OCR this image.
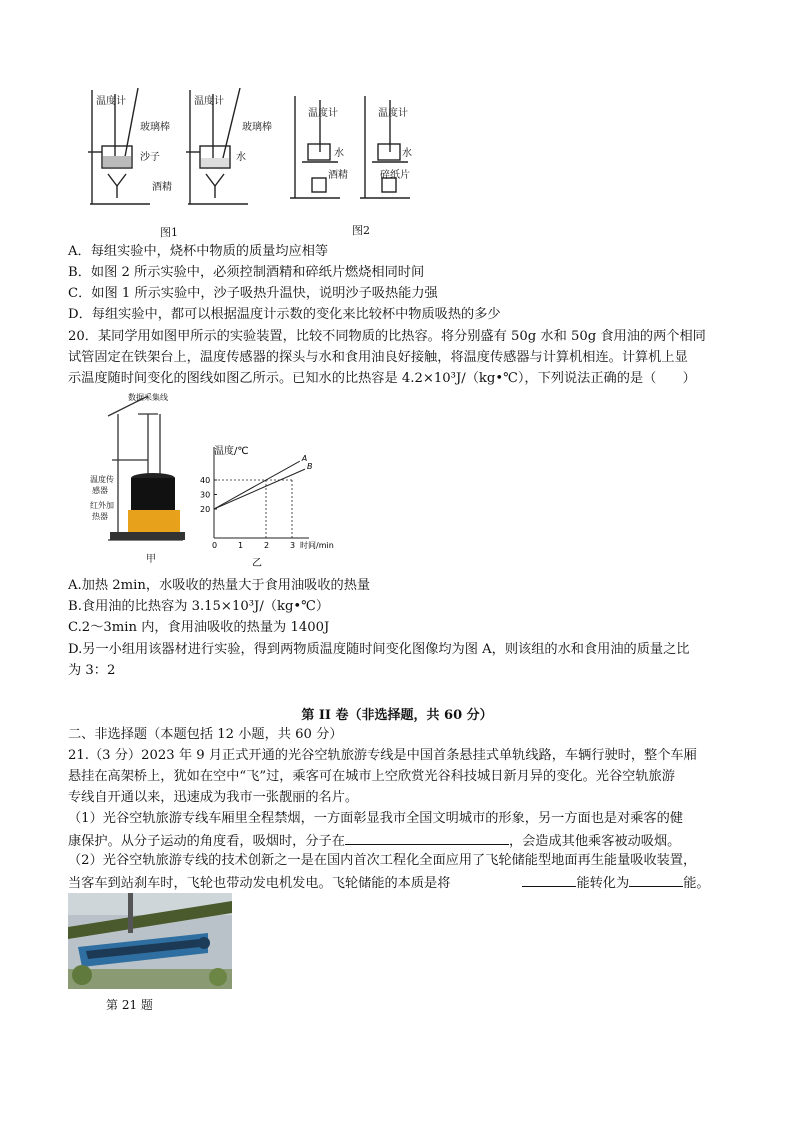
温度计
玻璃棒
沙子
酒精
温度计
玻璃棒
水
温度计
水
酒精
温度计
水
碎纸片
图1	图2
A．每组实验中，烧杯中物质的质量均应相等
B．如图 2 所示实验中，必须控制酒精和碎纸片燃烧相同时间
C．如图 1 所示实验中，沙子吸热升温快，说明沙子吸热能力强
D．每组实验中，都可以根据温度计示数的变化来比较杯中物质吸热的多少
20．某同学用如图甲所示的实验装置，比较不同物质的比热容。将分别盛有 50g 水和 50g 食用油的两个相同
试管固定在铁架台上，温度传感器的探头与水和食用油良好接触，将温度传感器与计算机相连。计算机上显
示温度随时间变化的图线如图乙所示。已知水的比热容是 4.2×10³J/（kg•℃），下列说法正确的是（　　）
数据采集线
温度传
感器
红外加
热器
甲
温度/℃
时间/min
乙
0	1	2	3
20
30
40
A
B
A.加热 2min，水吸收的热量大于食用油吸收的热量
B.食用油的比热容为 3.15×10³J/（kg•℃）
C.2～3min 内，食用油吸收的热量为 1400J
D.另一小组用该器材进行实验，得到两物质温度随时间变化图像均为图 A，则该组的水和食用油的质量之比
为 3：2
第 II 卷（非选择题，共 60 分）
二、非选择题（本题包括 12 小题，共 60 分）
21.（3 分）2023 年 9 月正式开通的光谷空轨旅游专线是中国首条悬挂式单轨线路，车辆行驶时，整个车厢
悬挂在高架桥上，犹如在空中“飞”过，乘客可在城市上空欣赏光谷科技城日新月异的变化。光谷空轨旅游
专线自开通以来，迅速成为我市一张靓丽的名片。
（1）光谷空轨旅游专线车厢里全程禁烟，一方面彰显我市全国文明城市的形象，另一方面也是对乘客的健
康保护。从分子运动的角度看，吸烟时，分子在	，会造成其他乘客被动吸烟。
（2）光谷空轨旅游专线的技术创新之一是在国内首次工程化全面应用了飞轮储能型地面再生能量吸收装置，
当客车到站刹车时，飞轮也带动发电机发电。飞轮储能的本质是将	能转化为	能。
第 21 题
